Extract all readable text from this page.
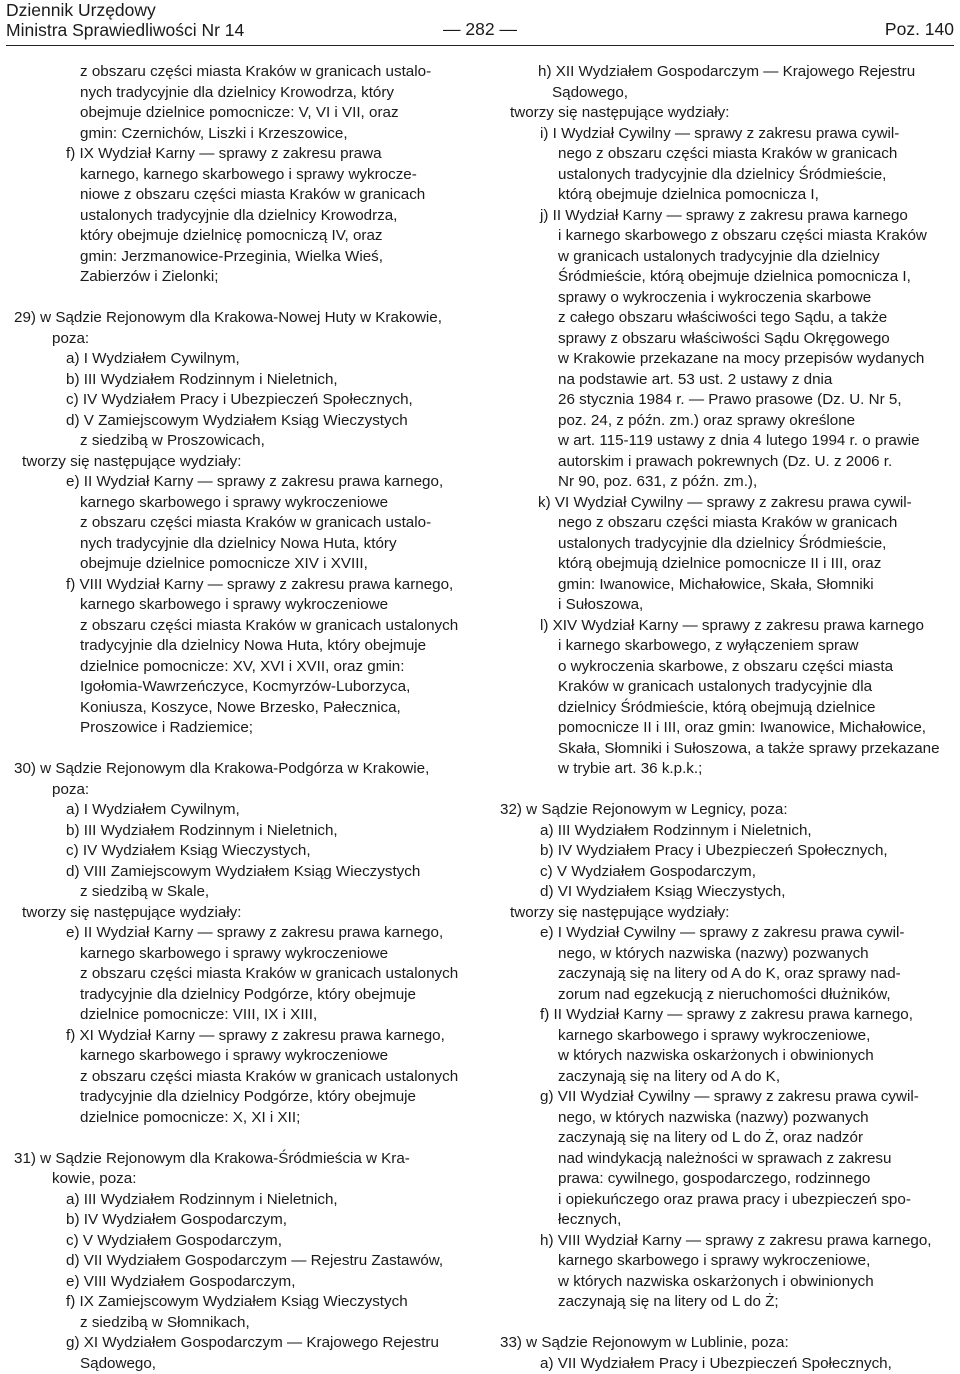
Dziennik Urzędowy
Ministra Sprawiedliwości Nr 14	— 282 —	Poz. 140
z obszaru części miasta Kraków w granicach ustalo-
nych tradycyjnie dla dzielnicy Krowodrza, który
obejmuje dzielnice pomocnicze: V, VI i VII, oraz
gmin: Czernichów, Liszki i Krzeszowice,
f) IX Wydział Karny — sprawy z zakresu prawa
karnego, karnego skarbowego i sprawy wykrocze-
niowe z obszaru części miasta Kraków w granicach
ustalonych tradycyjnie dla dzielnicy Krowodrza,
który obejmuje dzielnicę pomocniczą IV, oraz
gmin: Jerzmanowice-Przeginia, Wielka Wieś,
Zabierzów i Zielonki;
29) w Sądzie Rejonowym dla Krakowa-Nowej Huty w Krakowie,
poza:
a) I Wydziałem Cywilnym,
b) III Wydziałem Rodzinnym i Nieletnich,
c) IV Wydziałem Pracy i Ubezpieczeń Społecznych,
d) V Zamiejscowym Wydziałem Ksiąg Wieczystych
z siedzibą w Proszowicach,
tworzy się następujące wydziały:
e) II Wydział Karny — sprawy z zakresu prawa karnego,
karnego skarbowego i sprawy wykroczeniowe
z obszaru części miasta Kraków w granicach ustalo-
nych tradycyjnie dla dzielnicy Nowa Huta, który
obejmuje dzielnice pomocnicze XIV i XVIII,
f) VIII Wydział Karny — sprawy z zakresu prawa karnego,
karnego skarbowego i sprawy wykroczeniowe
z obszaru części miasta Kraków w granicach ustalonych
tradycyjnie dla dzielnicy Nowa Huta, który obejmuje
dzielnice pomocnicze: XV, XVI i XVII, oraz gmin:
Igołomia-Wawrzeńczyce, Kocmyrzów-Luborzyca,
Koniusza, Koszyce, Nowe Brzesko, Pałecznica,
Proszowice i Radziemice;
30) w Sądzie Rejonowym dla Krakowa-Podgórza w Krakowie,
poza:
a) I Wydziałem Cywilnym,
b) III Wydziałem Rodzinnym i Nieletnich,
c) IV Wydziałem Ksiąg Wieczystych,
d) VIII Zamiejscowym Wydziałem Ksiąg Wieczystych
z siedzibą w Skale,
tworzy się następujące wydziały:
e) II Wydział Karny — sprawy z zakresu prawa karnego,
karnego skarbowego i sprawy wykroczeniowe
z obszaru części miasta Kraków w granicach ustalonych
tradycyjnie dla dzielnicy Podgórze, który obejmuje
dzielnice pomocnicze: VIII, IX i XIII,
f) XI Wydział Karny — sprawy z zakresu prawa karnego,
karnego skarbowego i sprawy wykroczeniowe
z obszaru części miasta Kraków w granicach ustalonych
tradycyjnie dla dzielnicy Podgórze, który obejmuje
dzielnice pomocnicze: X, XI i XII;
31) w Sądzie Rejonowym dla Krakowa-Śródmieścia w Kra-
kowie, poza:
a) III Wydziałem Rodzinnym i Nieletnich,
b) IV Wydziałem Gospodarczym,
c) V Wydziałem Gospodarczym,
d) VII Wydziałem Gospodarczym — Rejestru Zastawów,
e) VIII Wydziałem Gospodarczym,
f) IX Zamiejscowym Wydziałem Ksiąg Wieczystych
z siedzibą w Słomnikach,
g) XI Wydziałem Gospodarczym — Krajowego Rejestru
Sądowego,
h) XII Wydziałem Gospodarczym — Krajowego Rejestru
Sądowego,
tworzy się następujące wydziały:
i) I Wydział Cywilny — sprawy z zakresu prawa cywil-
nego z obszaru części miasta Kraków w granicach
ustalonych tradycyjnie dla dzielnicy Śródmieście,
którą obejmuje dzielnica pomocnicza I,
j) II Wydział Karny — sprawy z zakresu prawa karnego
i karnego skarbowego z obszaru części miasta Kraków
w granicach ustalonych tradycyjnie dla dzielnicy
Śródmieście, którą obejmuje dzielnica pomocnicza I,
sprawy o wykroczenia i wykroczenia skarbowe
z całego obszaru właściwości tego Sądu, a także
sprawy z obszaru właściwości Sądu Okręgowego
w Krakowie przekazane na mocy przepisów wydanych
na podstawie art. 53 ust. 2 ustawy z dnia
26 stycznia 1984 r. — Prawo prasowe (Dz. U. Nr 5,
poz. 24, z późn. zm.) oraz sprawy określone
w art. 115-119 ustawy z dnia 4 lutego 1994 r. o prawie
autorskim i prawach pokrewnych (Dz. U. z 2006 r.
Nr 90, poz. 631, z późn. zm.),
k) VI Wydział Cywilny — sprawy z zakresu prawa cywil-
nego z obszaru części miasta Kraków w granicach
ustalonych tradycyjnie dla dzielnicy Śródmieście,
którą obejmują dzielnice pomocnicze II i III, oraz
gmin: Iwanowice, Michałowice, Skała, Słomniki
i Sułoszowa,
l) XIV Wydział Karny — sprawy z zakresu prawa karnego
i karnego skarbowego, z wyłączeniem spraw
o wykroczenia skarbowe, z obszaru części miasta
Kraków w granicach ustalonych tradycyjnie dla
dzielnicy Śródmieście, którą obejmują dzielnice
pomocnicze II i III, oraz gmin: Iwanowice, Michałowice,
Skała, Słomniki i Sułoszowa, a także sprawy przekazane
w trybie art. 36 k.p.k.;
32) w Sądzie Rejonowym w Legnicy, poza:
a) III Wydziałem Rodzinnym i Nieletnich,
b) IV Wydziałem Pracy i Ubezpieczeń Społecznych,
c) V Wydziałem Gospodarczym,
d) VI Wydziałem Ksiąg Wieczystych,
tworzy się następujące wydziały:
e) I Wydział Cywilny — sprawy z zakresu prawa cywil-
nego, w których nazwiska (nazwy) pozwanych
zaczynają się na litery od A do K, oraz sprawy nad-
zorum nad egzekucją z nieruchomości dłużników,
f) II Wydział Karny — sprawy z zakresu prawa karnego,
karnego skarbowego i sprawy wykroczeniowe,
w których nazwiska oskarżonych i obwinionych
zaczynają się na litery od A do K,
g) VII Wydział Cywilny — sprawy z zakresu prawa cywil-
nego, w których nazwiska (nazwy) pozwanych
zaczynają się na litery od L do Ż, oraz nadzór
nad windykacją należności w sprawach z zakresu
prawa: cywilnego, gospodarczego, rodzinnego
i opiekuńczego oraz prawa pracy i ubezpieczeń spo-
łecznych,
h) VIII Wydział Karny — sprawy z zakresu prawa karnego,
karnego skarbowego i sprawy wykroczeniowe,
w których nazwiska oskarżonych i obwinionych
zaczynają się na litery od L do Ż;
33) w Sądzie Rejonowym w Lublinie, poza:
a) VII Wydziałem Pracy i Ubezpieczeń Społecznych,
